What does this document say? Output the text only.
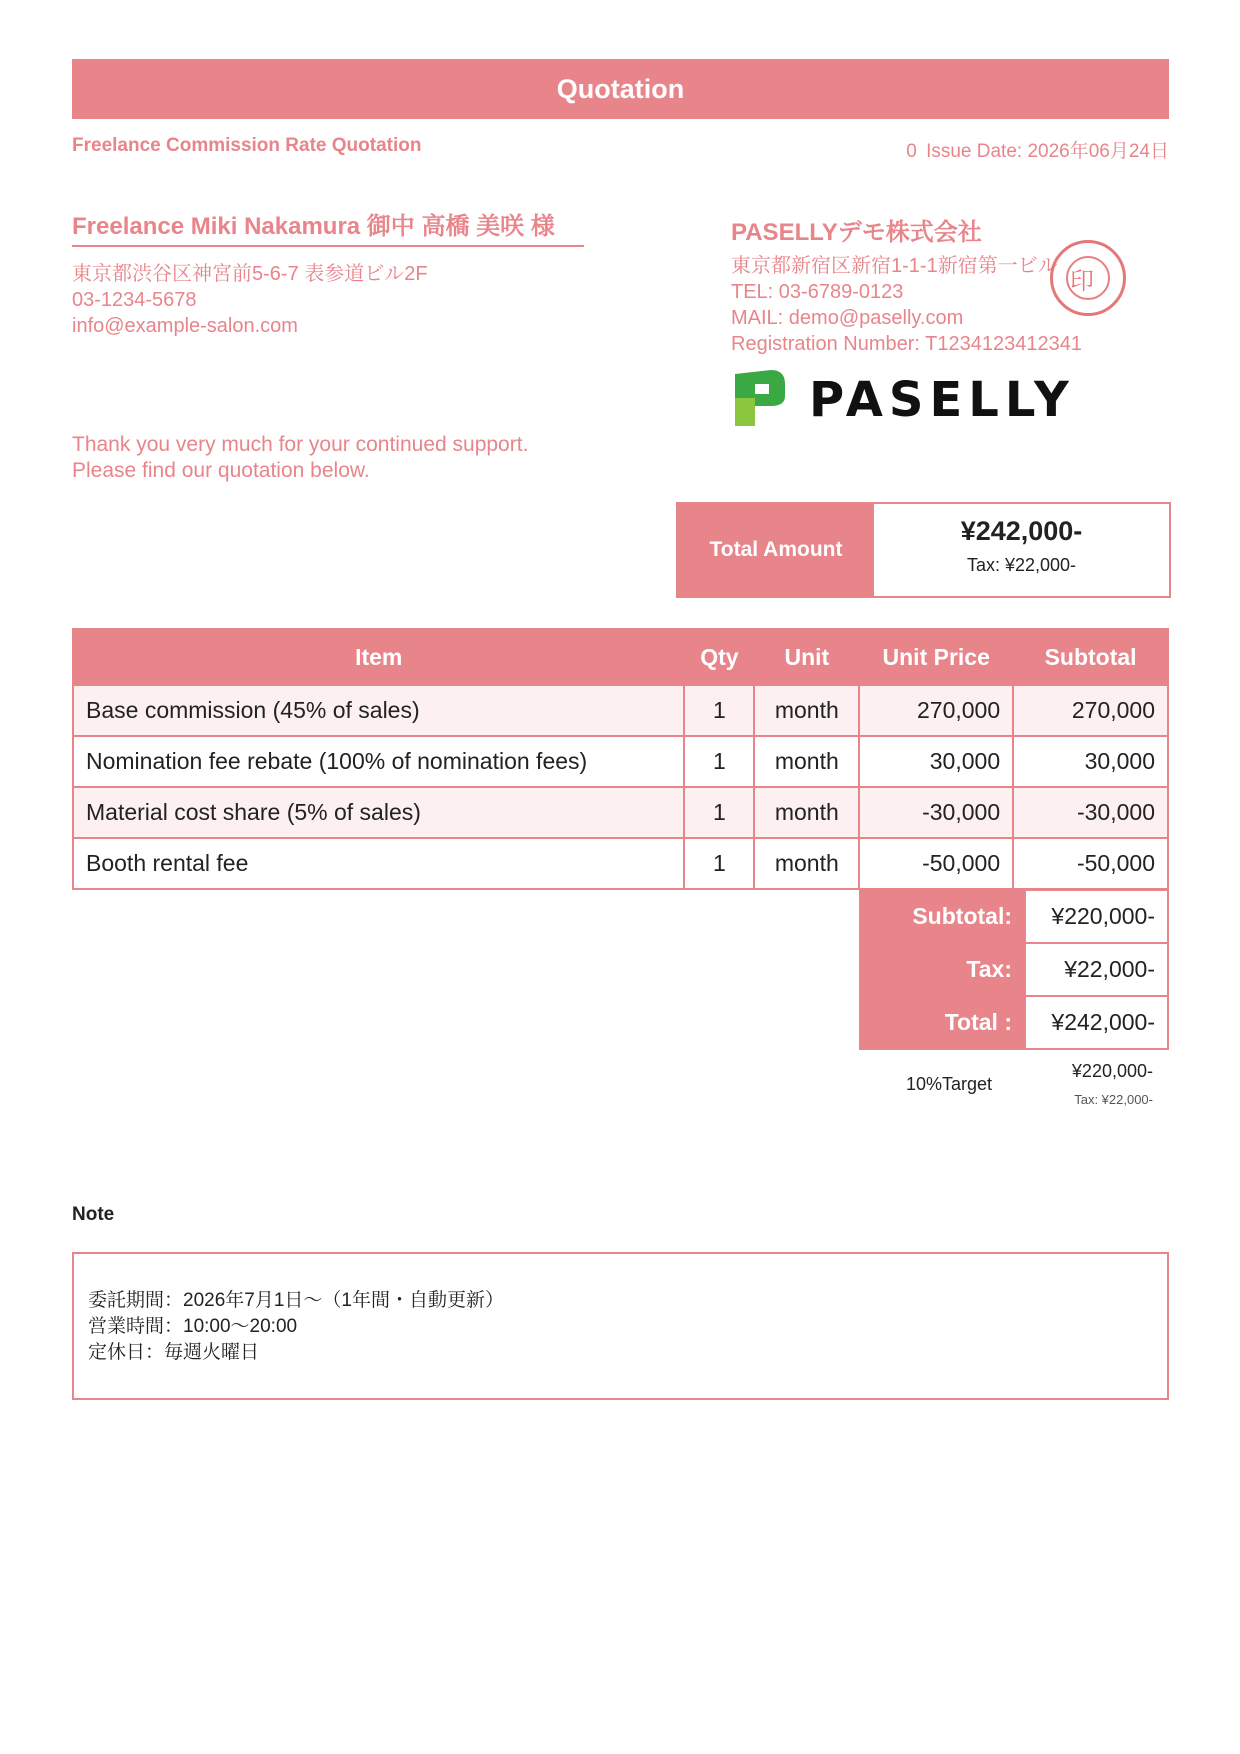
Quotation
Freelance Commission Rate Quotation	0 Issue Date: 2026年06月24日
Freelance Miki Nakamura 御中 高橋 美咲 様
東京都渋谷区神宮前5-6-7 表参道ビル2F
03-1234-5678
info@example-salon.com
Thank you very much for your continued support.
Please find our quotation below.
PASELLYデモ株式会社
東京都新宿区新宿1-1-1新宿第一ビル
TEL: 03-6789-0123
MAIL: demo@paselly.com
Registration Number: T1234123412341
印
PASELLY
Total Amount
¥242,000-
Tax: ¥22,000-
Item	Qty	Unit	Unit Price	Subtotal
Base commission (45% of sales)	1	month	270,000	270,000
Nomination fee rebate (100% of nomination fees)	1	month	30,000	30,000
Material cost share (5% of sales)	1	month	-30,000	-30,000
Booth rental fee	1	month	-50,000	-50,000
Subtotal:	¥220,000-
Tax:	¥22,000-
Total :	¥242,000-
10%Target
¥220,000-
Tax: ¥22,000-
Note
委託期間：2026年7月1日～（1年間・自動更新）
営業時間：10:00～20:00
定休日：毎週火曜日
